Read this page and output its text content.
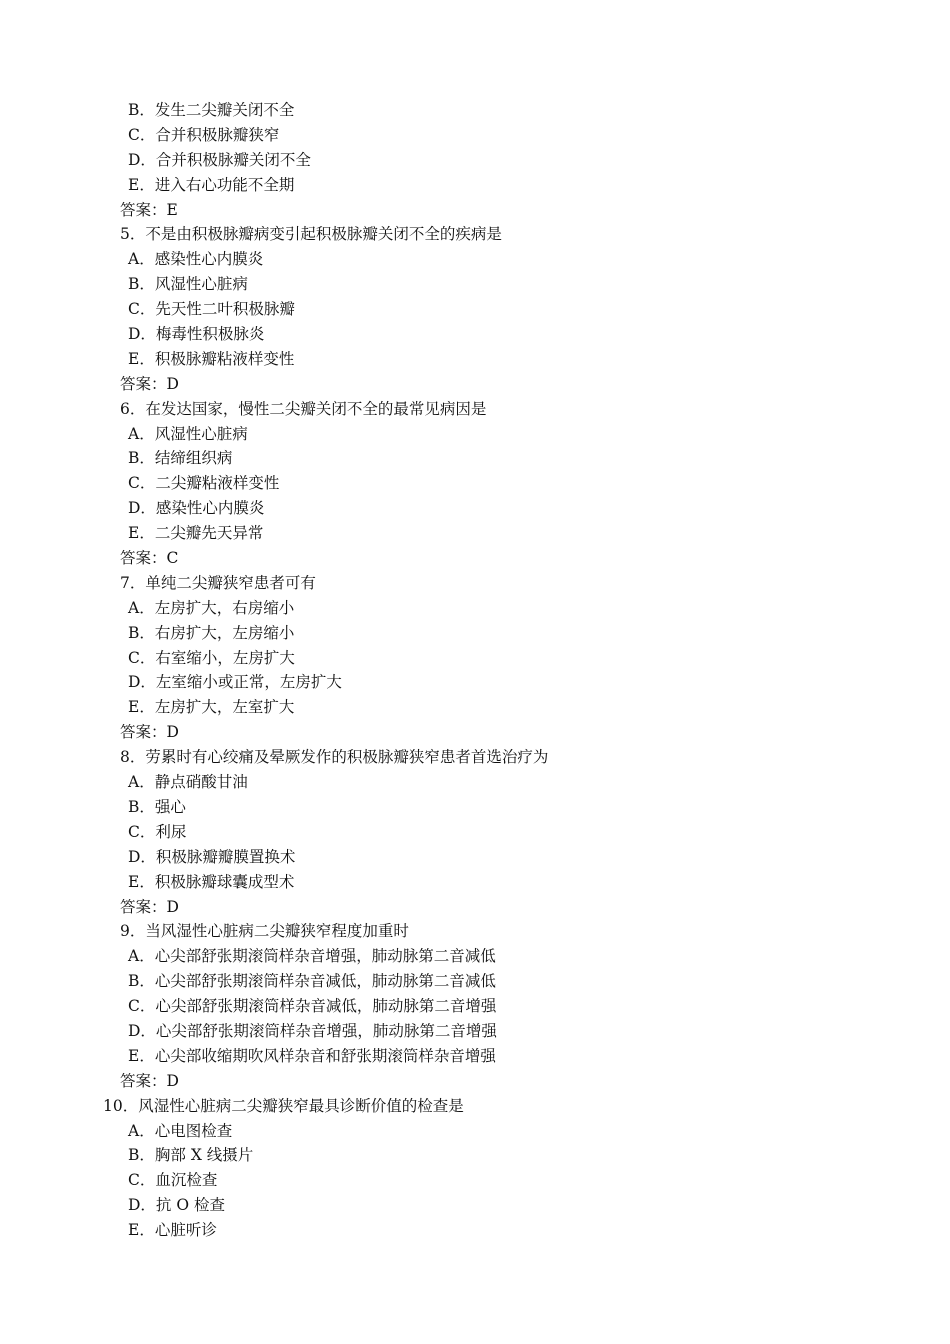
B．发生二尖瓣关闭不全
C．合并积极脉瓣狭窄
D．合并积极脉瓣关闭不全
E．进入右心功能不全期
答案：E
5．不是由积极脉瓣病变引起积极脉瓣关闭不全的疾病是
A．感染性心内膜炎
B．风湿性心脏病
C．先天性二叶积极脉瓣
D．梅毒性积极脉炎
E．积极脉瓣粘液样变性
答案：D
6．在发达国家，慢性二尖瓣关闭不全的最常见病因是
A．风湿性心脏病
B．结缔组织病
C．二尖瓣粘液样变性
D．感染性心内膜炎
E．二尖瓣先天异常
答案：C
7．单纯二尖瓣狭窄患者可有
A．左房扩大，右房缩小
B．右房扩大，左房缩小
C．右室缩小，左房扩大
D．左室缩小或正常，左房扩大
E．左房扩大，左室扩大
答案：D
8．劳累时有心绞痛及晕厥发作的积极脉瓣狭窄患者首选治疗为
A．静点硝酸甘油
B．强心
C．利尿
D．积极脉瓣瓣膜置换术
E．积极脉瓣球囊成型术
答案：D
9．当风湿性心脏病二尖瓣狭窄程度加重时
A．心尖部舒张期滚筒样杂音增强，肺动脉第二音减低
B．心尖部舒张期滚筒样杂音减低，肺动脉第二音减低
C．心尖部舒张期滚筒样杂音减低，肺动脉第二音增强
D．心尖部舒张期滚筒样杂音增强，肺动脉第二音增强
E．心尖部收缩期吹风样杂音和舒张期滚筒样杂音增强
答案：D
10．风湿性心脏病二尖瓣狭窄最具诊断价值的检查是
A．心电图检查
B．胸部 X 线摄片
C．血沉检查
D．抗 O 检查
E．心脏听诊
